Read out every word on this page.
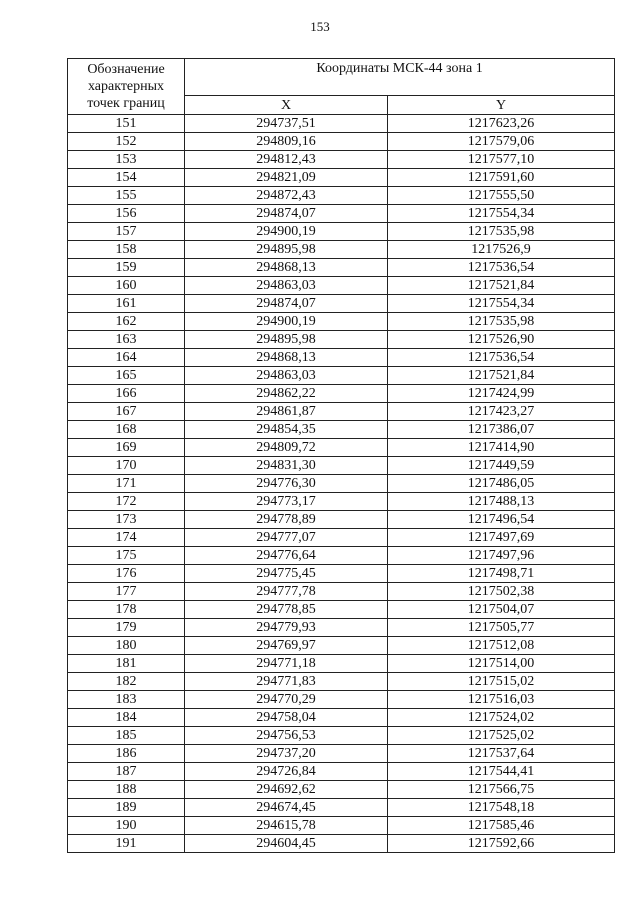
153
Обозначение характерных точек границ	Координаты МСК-44 зона 1	
	X	Y
151	294737,51	1217623,26
152	294809,16	1217579,06
153	294812,43	1217577,10
154	294821,09	1217591,60
155	294872,43	1217555,50
156	294874,07	1217554,34
157	294900,19	1217535,98
158	294895,98	1217526,9
159	294868,13	1217536,54
160	294863,03	1217521,84
161	294874,07	1217554,34
162	294900,19	1217535,98
163	294895,98	1217526,90
164	294868,13	1217536,54
165	294863,03	1217521,84
166	294862,22	1217424,99
167	294861,87	1217423,27
168	294854,35	1217386,07
169	294809,72	1217414,90
170	294831,30	1217449,59
171	294776,30	1217486,05
172	294773,17	1217488,13
173	294778,89	1217496,54
174	294777,07	1217497,69
175	294776,64	1217497,96
176	294775,45	1217498,71
177	294777,78	1217502,38
178	294778,85	1217504,07
179	294779,93	1217505,77
180	294769,97	1217512,08
181	294771,18	1217514,00
182	294771,83	1217515,02
183	294770,29	1217516,03
184	294758,04	1217524,02
185	294756,53	1217525,02
186	294737,20	1217537,64
187	294726,84	1217544,41
188	294692,62	1217566,75
189	294674,45	1217548,18
190	294615,78	1217585,46
191	294604,45	1217592,66
